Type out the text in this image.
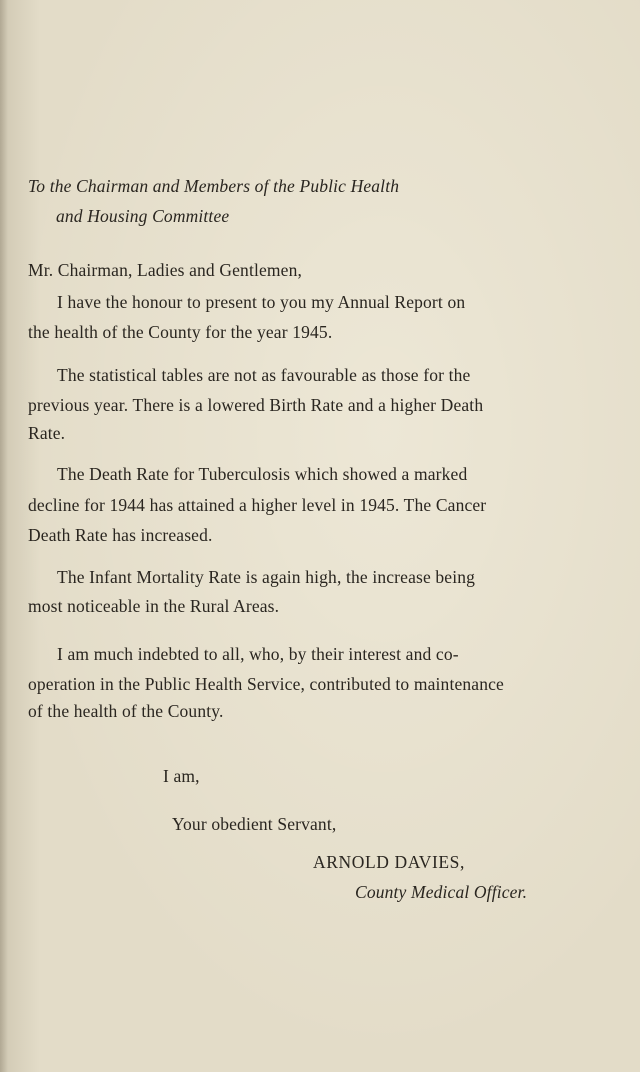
To the Chairman and Members of the Public Health
and Housing Committee
Mr. Chairman, Ladies and Gentlemen,
I have the honour to present to you my Annual Report on
the health of the County for the year 1945.
The statistical tables are not as favourable as those for the
previous year. There is a lowered Birth Rate and a higher Death
Rate.
The Death Rate for Tuberculosis which showed a marked
decline for 1944 has attained a higher level in 1945. The Cancer
Death Rate has increased.
The Infant Mortality Rate is again high, the increase being
most noticeable in the Rural Areas.
I am much indebted to all, who, by their interest and co-
operation in the Public Health Service, contributed to maintenance
of the health of the County.
I am,
Your obedient Servant,
ARNOLD DAVIES,
County Medical Officer.
